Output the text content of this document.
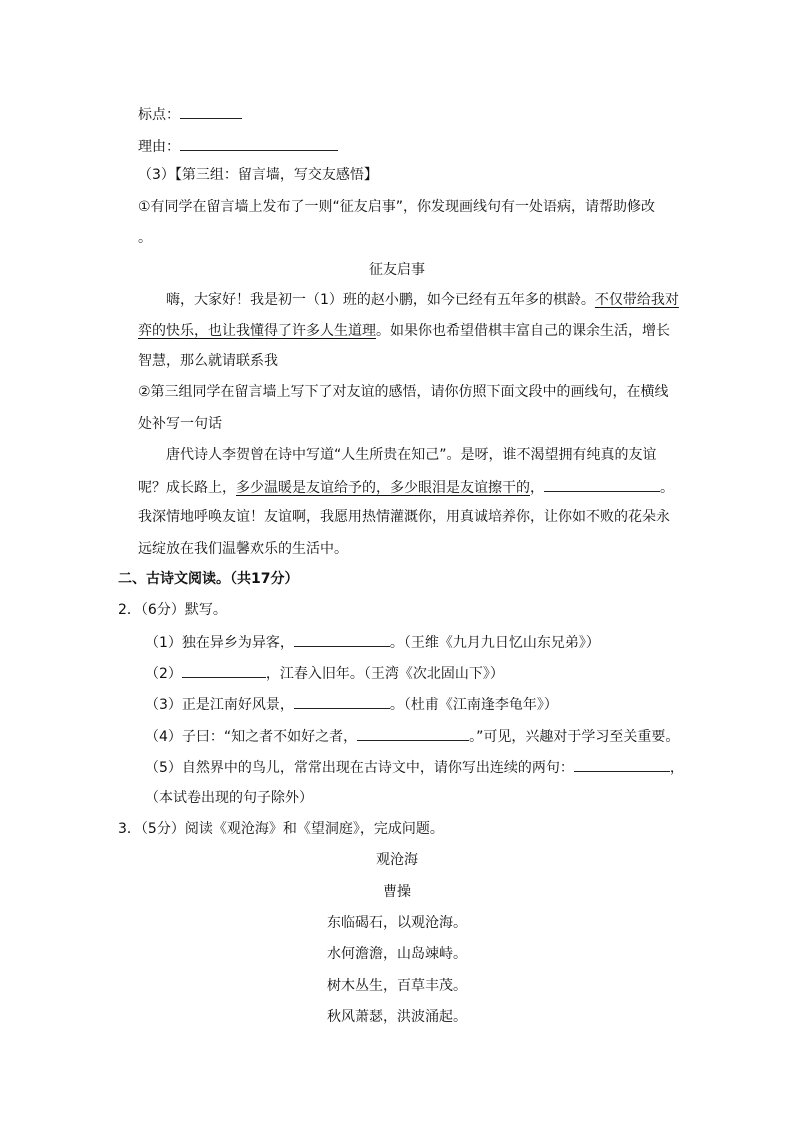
标点：
理由：
（3）【第三组：留言墙，写交友感悟】
①有同学在留言墙上发布了一则“征友启事”，你发现画线句有一处语病，请帮助修改
。
征友启事
嗨，大家好！我是初一（1）班的赵小鹏，如今已经有五年多的棋龄。不仅带给我对
弈的快乐，也让我懂得了许多人生道理。如果你也希望借棋丰富自己的课余生活，增长
智慧，那么就请联系我
②第三组同学在留言墙上写下了对友谊的感悟，请你仿照下面文段中的画线句，在横线
处补写一句话
唐代诗人李贺曾在诗中写道“人生所贵在知己”。是呀，谁不渴望拥有纯真的友谊
呢？成长路上，多少温暖是友谊给予的，多少眼泪是友谊擦干的，	。
我深情地呼唤友谊！友谊啊，我愿用热情灌溉你，用真诚培养你，让你如不败的花朵永
远绽放在我们温馨欢乐的生活中。
二、古诗文阅读。（共17分）
2．（6分）默写。
（1）独在异乡为异客，	。（王维《九月九日忆山东兄弟》）
（2）	，江春入旧年。（王湾《次北固山下》）
（3）正是江南好风景，	。（杜甫《江南逢李龟年》）
（4）子曰：“知之者不如好之者，	。”可见，兴趣对于学习至关重要。
（5）自然界中的鸟儿，常常出现在古诗文中，请你写出连续的两句：	，
（本试卷出现的句子除外）
3．（5分）阅读《观沧海》和《望洞庭》，完成问题。
观沧海
曹操
东临碣石，以观沧海。
水何澹澹，山岛竦峙。
树木丛生，百草丰茂。
秋风萧瑟，洪波涌起。
